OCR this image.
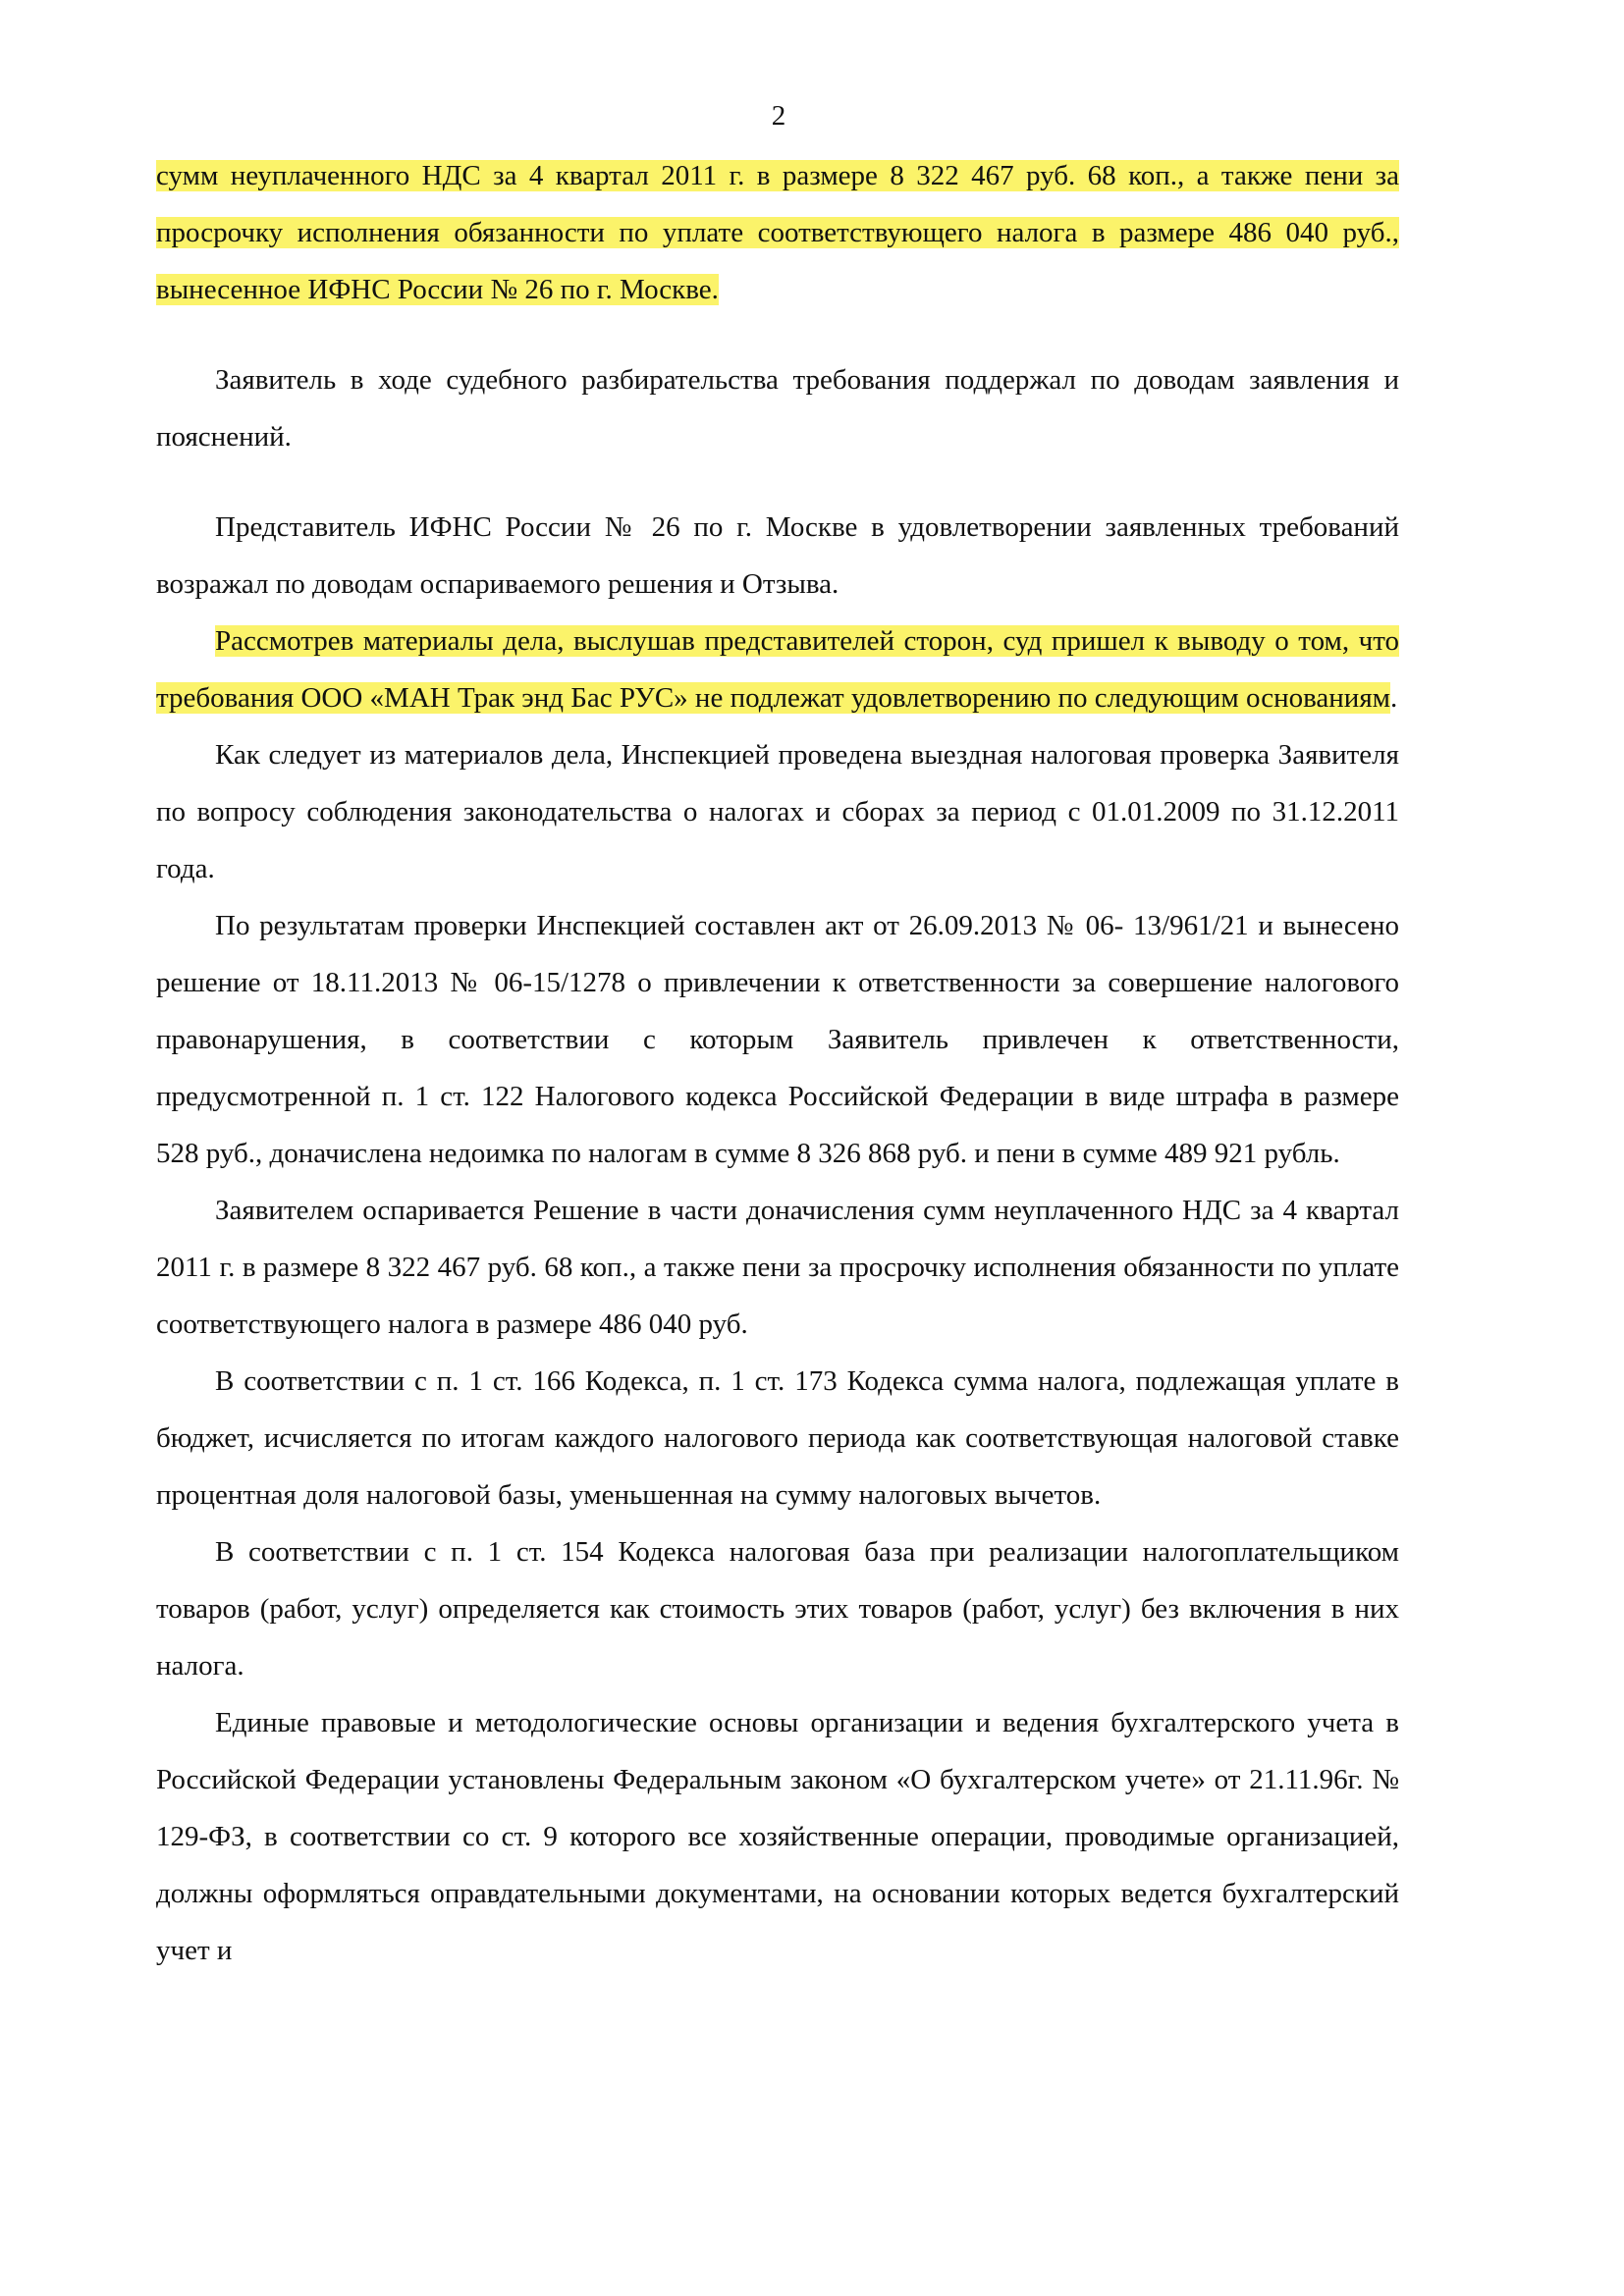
2

сумм неуплаченного НДС за 4 квартал 2011 г. в размере 8 322 467 руб. 68 коп., а также пени за просрочку исполнения обязанности по уплате соответствующего налога в размере 486 040 руб., вынесенное ИФНС России № 26 по г. Москве.

Заявитель в ходе судебного разбирательства требования поддержал по доводам заявления и пояснений.

Представитель ИФНС России № 26 по г. Москве в удовлетворении заявленных требований возражал по доводам оспариваемого решения и Отзыва.

Рассмотрев материалы дела, выслушав представителей сторон, суд пришел к выводу о том, что требования ООО «МАН Трак энд Бас РУС» не подлежат удовлетворению по следующим основаниям.

Как следует из материалов дела, Инспекцией проведена выездная налоговая проверка Заявителя по вопросу соблюдения законодательства о налогах и сборах за период с 01.01.2009 по 31.12.2011 года.

По результатам проверки Инспекцией составлен акт от 26.09.2013 № 06- 13/961/21 и вынесено решение от 18.11.2013 № 06-15/1278 о привлечении к ответственности за совершение налогового правонарушения, в соответствии с которым Заявитель привлечен к ответственности, предусмотренной п. 1 ст. 122 Налогового кодекса Российской Федерации в виде штрафа в размере 528 руб., доначислена недоимка по налогам в сумме 8 326 868 руб. и пени в сумме 489 921 рубль.

Заявителем оспаривается Решение в части доначисления сумм неуплаченного НДС за 4 квартал 2011 г. в размере 8 322 467 руб. 68 коп., а также пени за просрочку исполнения обязанности по уплате соответствующего налога в размере 486 040 руб.

В соответствии с п. 1 ст. 166 Кодекса, п. 1 ст. 173 Кодекса сумма налога, подлежащая уплате в бюджет, исчисляется по итогам каждого налогового периода как соответствующая налоговой ставке процентная доля налоговой базы, уменьшенная на сумму налоговых вычетов.

В соответствии с п. 1 ст. 154 Кодекса налоговая база при реализации налогоплательщиком товаров (работ, услуг) определяется как стоимость этих товаров (работ, услуг) без включения в них налога.

Единые правовые и методологические основы организации и ведения бухгалтерского учета в Российской Федерации установлены Федеральным законом «О бухгалтерском учете» от 21.11.96г. № 129-ФЗ, в соответствии со ст. 9 которого все хозяйственные операции, проводимые организацией, должны оформляться оправдательными документами, на основании которых ведется бухгалтерский учет и
